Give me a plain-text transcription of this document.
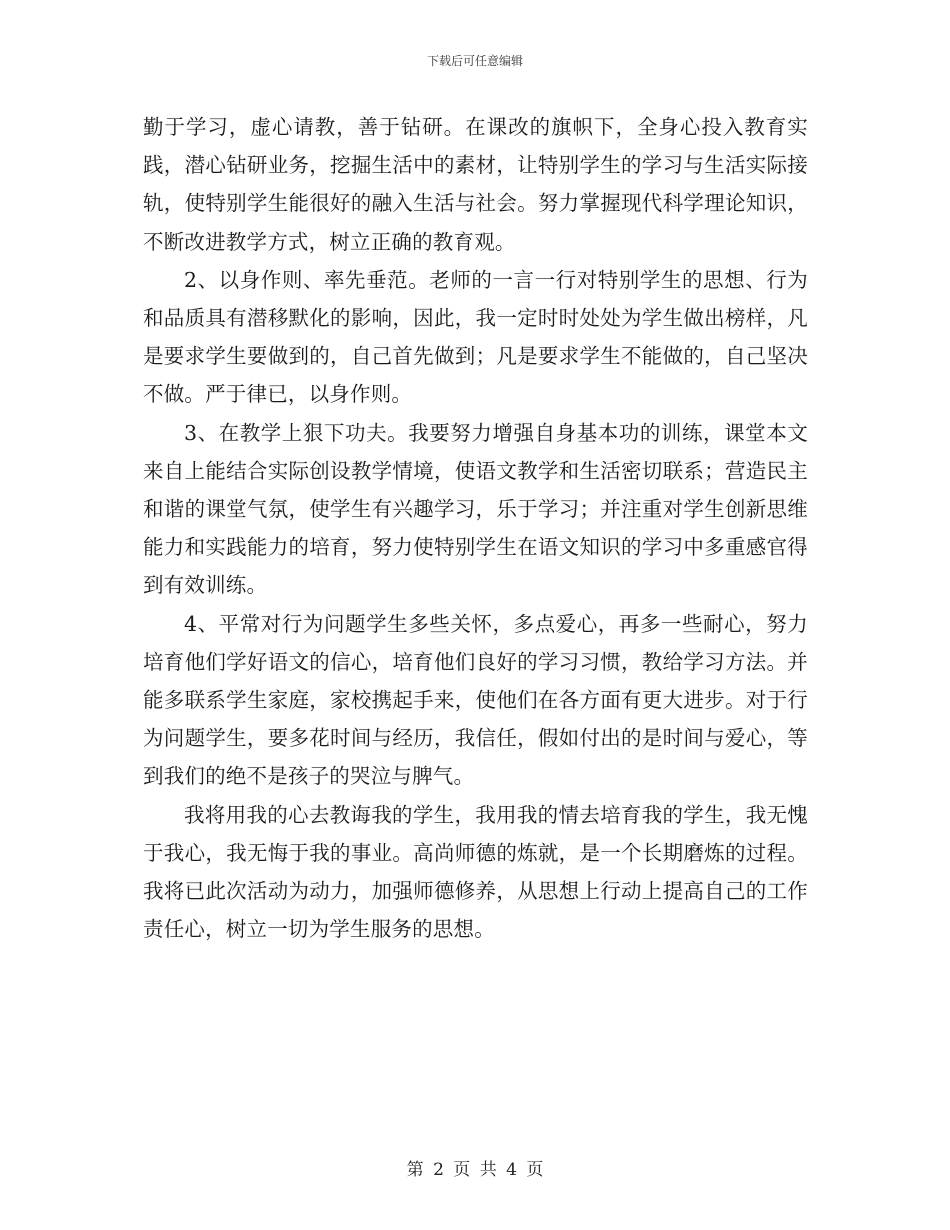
下载后可任意编辑

勤于学习，虚心请教，善于钻研。在课改的旗帜下，全身心投入教育实践，潜心钻研业务，挖掘生活中的素材，让特别学生的学习与生活实际接轨，使特别学生能很好的融入生活与社会。努力掌握现代科学理论知识，不断改进教学方式，树立正确的教育观。

2、以身作则、率先垂范。老师的一言一行对特别学生的思想、行为和品质具有潜移默化的影响，因此，我一定时时处处为学生做出榜样，凡是要求学生要做到的，自己首先做到；凡是要求学生不能做的，自己坚决不做。严于律已，以身作则。

3、在教学上狠下功夫。我要努力增强自身基本功的训练，课堂本文来自上能结合实际创设教学情境，使语文教学和生活密切联系；营造民主和谐的课堂气氛，使学生有兴趣学习，乐于学习；并注重对学生创新思维能力和实践能力的培育，努力使特别学生在语文知识的学习中多重感官得到有效训练。

4、平常对行为问题学生多些关怀，多点爱心，再多一些耐心，努力培育他们学好语文的信心，培育他们良好的学习习惯，教给学习方法。并能多联系学生家庭，家校携起手来，使他们在各方面有更大进步。对于行为问题学生，要多花时间与经历，我信任，假如付出的是时间与爱心，等到我们的绝不是孩子的哭泣与脾气。

我将用我的心去教诲我的学生，我用我的情去培育我的学生，我无愧于我心，我无悔于我的事业。高尚师德的炼就，是一个长期磨炼的过程。我将已此次活动为动力，加强师德修养，从思想上行动上提高自己的工作责任心，树立一切为学生服务的思想。

第 2 页 共 4 页
